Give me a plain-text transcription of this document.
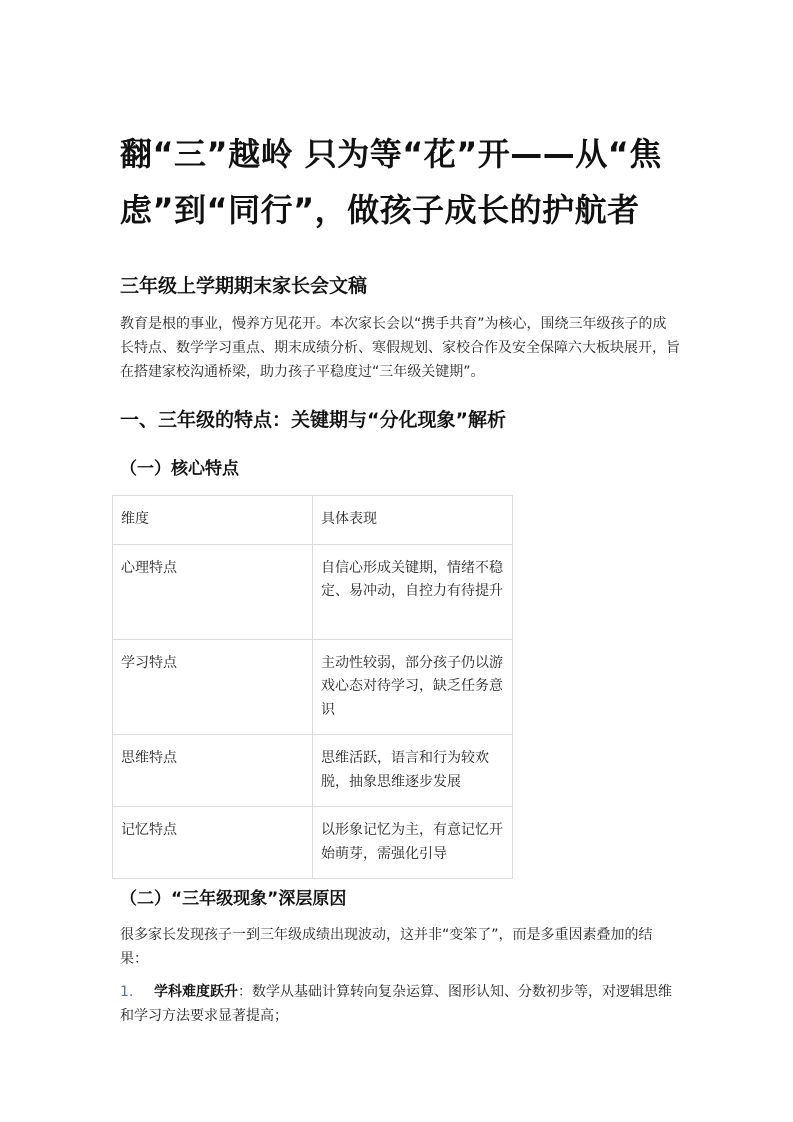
翻“三”越岭 只为等“花”开——从“焦虑”到“同行”，做孩子成长的护航者
三年级上学期期末家长会文稿

教育是根的事业，慢养方见花开。本次家长会以“携手共育”为核心，围绕三年级孩子的成长特点、数学学习重点、期末成绩分析、寒假规划、家校合作及安全保障六大板块展开，旨在搭建家校沟通桥梁，助力孩子平稳度过“三年级关键期”。

一、三年级的特点：关键期与“分化现象”解析
（一）核心特点
维度	具体表现
心理特点	自信心形成关键期，情绪不稳定、易冲动，自控力有待提升
学习特点	主动性较弱，部分孩子仍以游戏心态对待学习，缺乏任务意识
思维特点	思维活跃，语言和行为较欢脱，抽象思维逐步发展
记忆特点	以形象记忆为主，有意记忆开始萌芽，需强化引导
（二）“三年级现象”深层原因

很多家长发现孩子一到三年级成绩出现波动，这并非“变笨了”，而是多重因素叠加的结果：

1. 学科难度跃升：数学从基础计算转向复杂运算、图形认知、分数初步等，对逻辑思维和学习方法要求显著提高；
